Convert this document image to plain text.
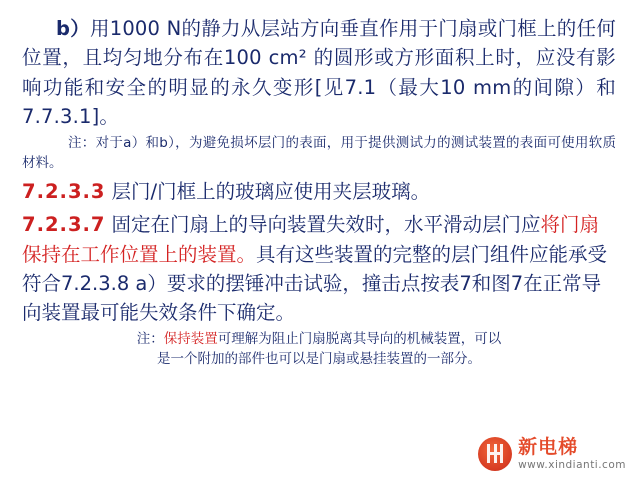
b）用1000 N的静力从层站方向垂直作用于门扇或门框上的任何位置，且均匀地分布在100 cm² 的圆形或方形面积上时，应没有影响功能和安全的明显的永久变形[见7.1（最大10 mm的间隙）和7.7.3.1]。
注：对于a）和b），为避免损坏层门的表面，用于提供测试力的测试装置的表面可使用软质材料。
7.2.3.3 层门/门框上的玻璃应使用夹层玻璃。
7.2.3.7 固定在门扇上的导向装置失效时，水平滑动层门应将门扇保持在工作位置上的装置。具有这些装置的完整的层门组件应能承受符合7.2.3.8 a）要求的摆锤冲击试验，撞击点按表7和图7在正常导向装置最可能失效条件下确定。
注：保持装置可理解为阻止门扇脱离其导向的机械装置，可以
是一个附加的部件也可以是门扇或悬挂装置的一部分。
新电梯
www.xindianti.com
